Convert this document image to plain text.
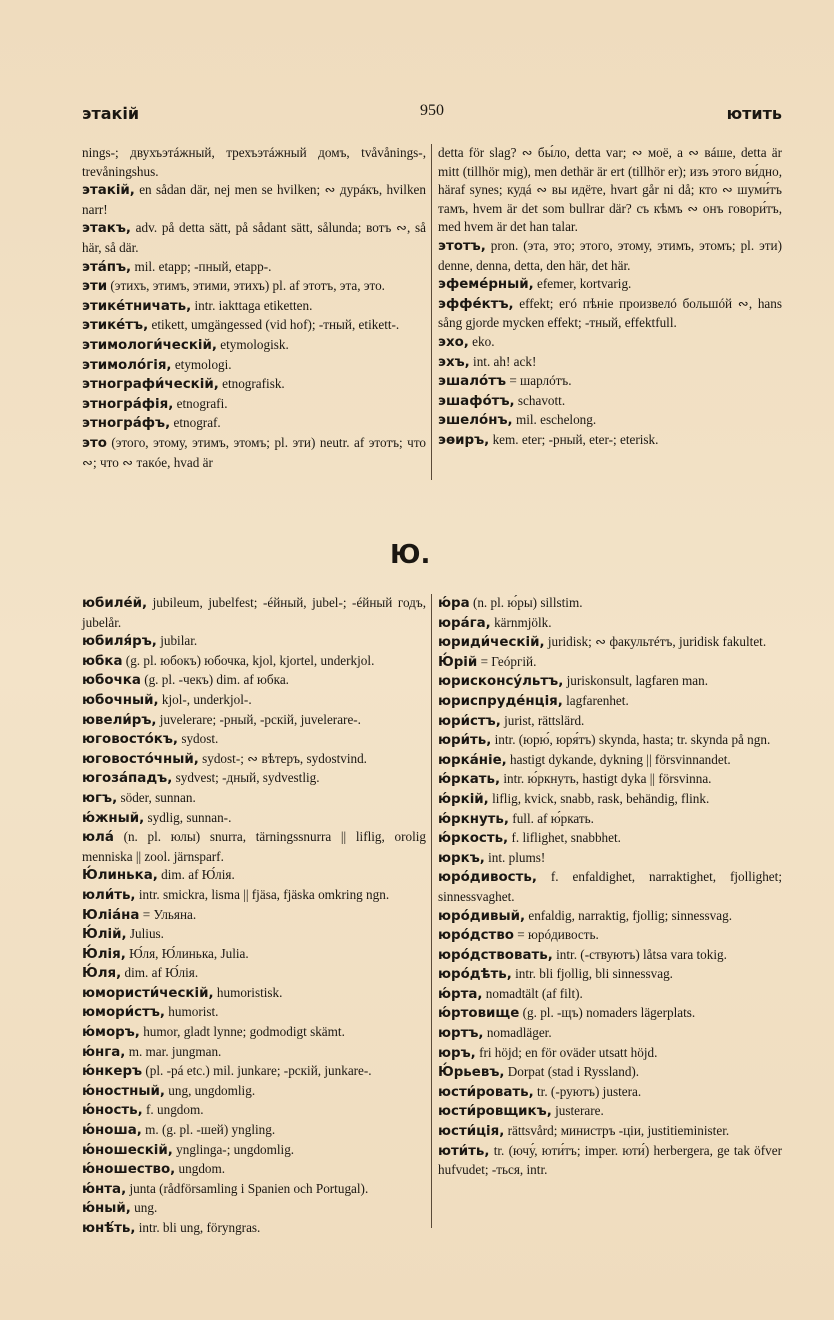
этакій	950	ютить

nings-; двухъэтáжный, трехъэтáжный домъ, tvåvånings-, trevåningshus.

этакій, en sådan där, nej men se hvilken; ∾ дурáкъ, hvilken narr!

этакъ, adv. på detta sätt, på sådant sätt, sålunda; вотъ ∾, så här, så där.

этáпъ, mil. etapp; -пный, etapp-.

эти (этихъ, этимъ, этими, этихъ) pl. af этотъ, эта, это.

этикéтничать, intr. iakttaga etiketten.

этикéтъ, etikett, umgängessed (vid hof); -тный, etikett-.

этимологи́ческій, etymologisk.

этимолóгія, etymologi.

этнографи́ческій, etnografisk.

этногрáфія, etnografi.

этногрáфъ, etnograf.

это (этого, этому, этимъ, этомъ; pl. эти) neutr. af этотъ; что ∾; что ∾ такóе, hvad är

detta för slag? ∾ бы́ло, detta var; ∾ моё, а ∾ вáше, detta är mitt (tillhör mig), men dethär är ert (tillhör er); изъ этого ви́дно, häraf synes; кудá ∾ вы идёте, hvart går ni då; кто ∾ шуми́тъ тамъ, hvem är det som bullrar där? съ кѣмъ ∾ онъ говори́тъ, med hvem är det han talar.

этотъ, pron. (эта, это; этого, этому, этимъ, этомъ; pl. эти) denne, denna, detta, den här, det här.

эфемéрный, efemer, kortvarig.

эффéктъ, effekt; егó пѣніе произвелó большóй ∾, hans sång gjorde mycken effekt; -тный, effektfull.

эхо, eko.

эхъ, int. ah! ack!

эшалóтъ = шарлóтъ.

эшафóтъ, schavott.

эшелóнъ, mil. eschelong.

эѳиръ, kem. eter; -рный, eter-; eterisk.

Ю.

юбилéй, jubileum, jubelfest; -éйный, jubel-; -éйный годъ, jubelår.

юбиля́ръ, jubilar.

юбка (g. pl. юбокъ) юбочка, kjol, kjortel, underkjol.

юбочка (g. pl. -чекъ) dim. af юбка.

юбочный, kjol-, underkjol-.

ювели́ръ, juvelerare; -рный, -рскій, juvelerare-.

юговостóкъ, sydost.

юговостóчный, sydost-; ∾ вѣтеръ, sydostvind.

югозáпадъ, sydvest; -дный, sydvestlig.

югъ, söder, sunnan.

ю́жный, sydlig, sunnan-.

юлá (n. pl. юлы) snurra, tärningssnurra || liflig, orolig menniska || zool. järnsparf.

Ю́линька, dim. af Ю́лія.

юли́ть, intr. smickra, lisma || fjäsa, fjäska omkring ngn.

Юліáна = Ульяна.

Ю́лій, Julius.

Ю́лія, Ю́ля, Ю́линька, Julia.

Ю́ля, dim. af Ю́лія.

юмористи́ческій, humoristisk.

юмори́стъ, humorist.

ю́моръ, humor, gladt lynne; godmodigt skämt.

ю́нга, m. mar. jungman.

ю́нкеръ (pl. -рá etc.) mil. junkare; -рскій, junkare-.

ю́ностный, ung, ungdomlig.

ю́ность, f. ungdom.

ю́ноша, m. (g. pl. -шей) yngling.

ю́ношескій, ynglinga-; ungdomlig.

ю́ношество, ungdom.

ю́нта, junta (rådförsamling i Spanien och Portugal).

ю́ный, ung.

юнѣ́ть, intr. bli ung, föryngras.

ю́ра (n. pl. ю́ры) sillstim.

юрáга, kärnmjölk.

юриди́ческій, juridisk; ∾ факультéтъ, juridisk fakultet.

Ю́рій = Геóргій.

юрисконсу́льтъ, juriskonsult, lagfaren man.

юриспрудéнція, lagfarenhet.

юри́стъ, jurist, rättslärd.

юри́ть, intr. (юрю́, юря́тъ) skynda, hasta; tr. skynda på ngn.

юркáніе, hastigt dykande, dykning || försvinnandet.

ю́ркать, intr. ю́ркнуть, hastigt dyka || försvinna.

ю́ркій, liflig, kvick, snabb, rask, behändig, flink.

ю́ркнуть, full. af ю́ркать.

ю́ркость, f. liflighet, snabbhet.

юркъ, int. plums!

юрóдивость, f. enfaldighet, narraktighet, fjollighet; sinnessvaghet.

юрóдивый, enfaldig, narraktig, fjollig; sinnessvag.

юрóдство = юрóдивость.

юрóдствовать, intr. (-ствуютъ) låtsa vara tokig.

юрóдѣть, intr. bli fjollig, bli sinnessvag.

ю́рта, nomadtält (af filt).

ю́ртовище (g. pl. -щъ) nomaders lägerplats.

юртъ, nomadläger.

юръ, fri höjd; en för oväder utsatt höjd.

Ю́рьевъ, Dorpat (stad i Ryssland).

юсти́ровать, tr. (-руютъ) justera.

юсти́ровщикъ, justerare.

юсти́ція, rättsvård; министръ -ціи, justitieminister.

юти́ть, tr. (ючу́, юти́тъ; imper. юти́) herbergera, ge tak öfver hufvudet; -ться, intr.
